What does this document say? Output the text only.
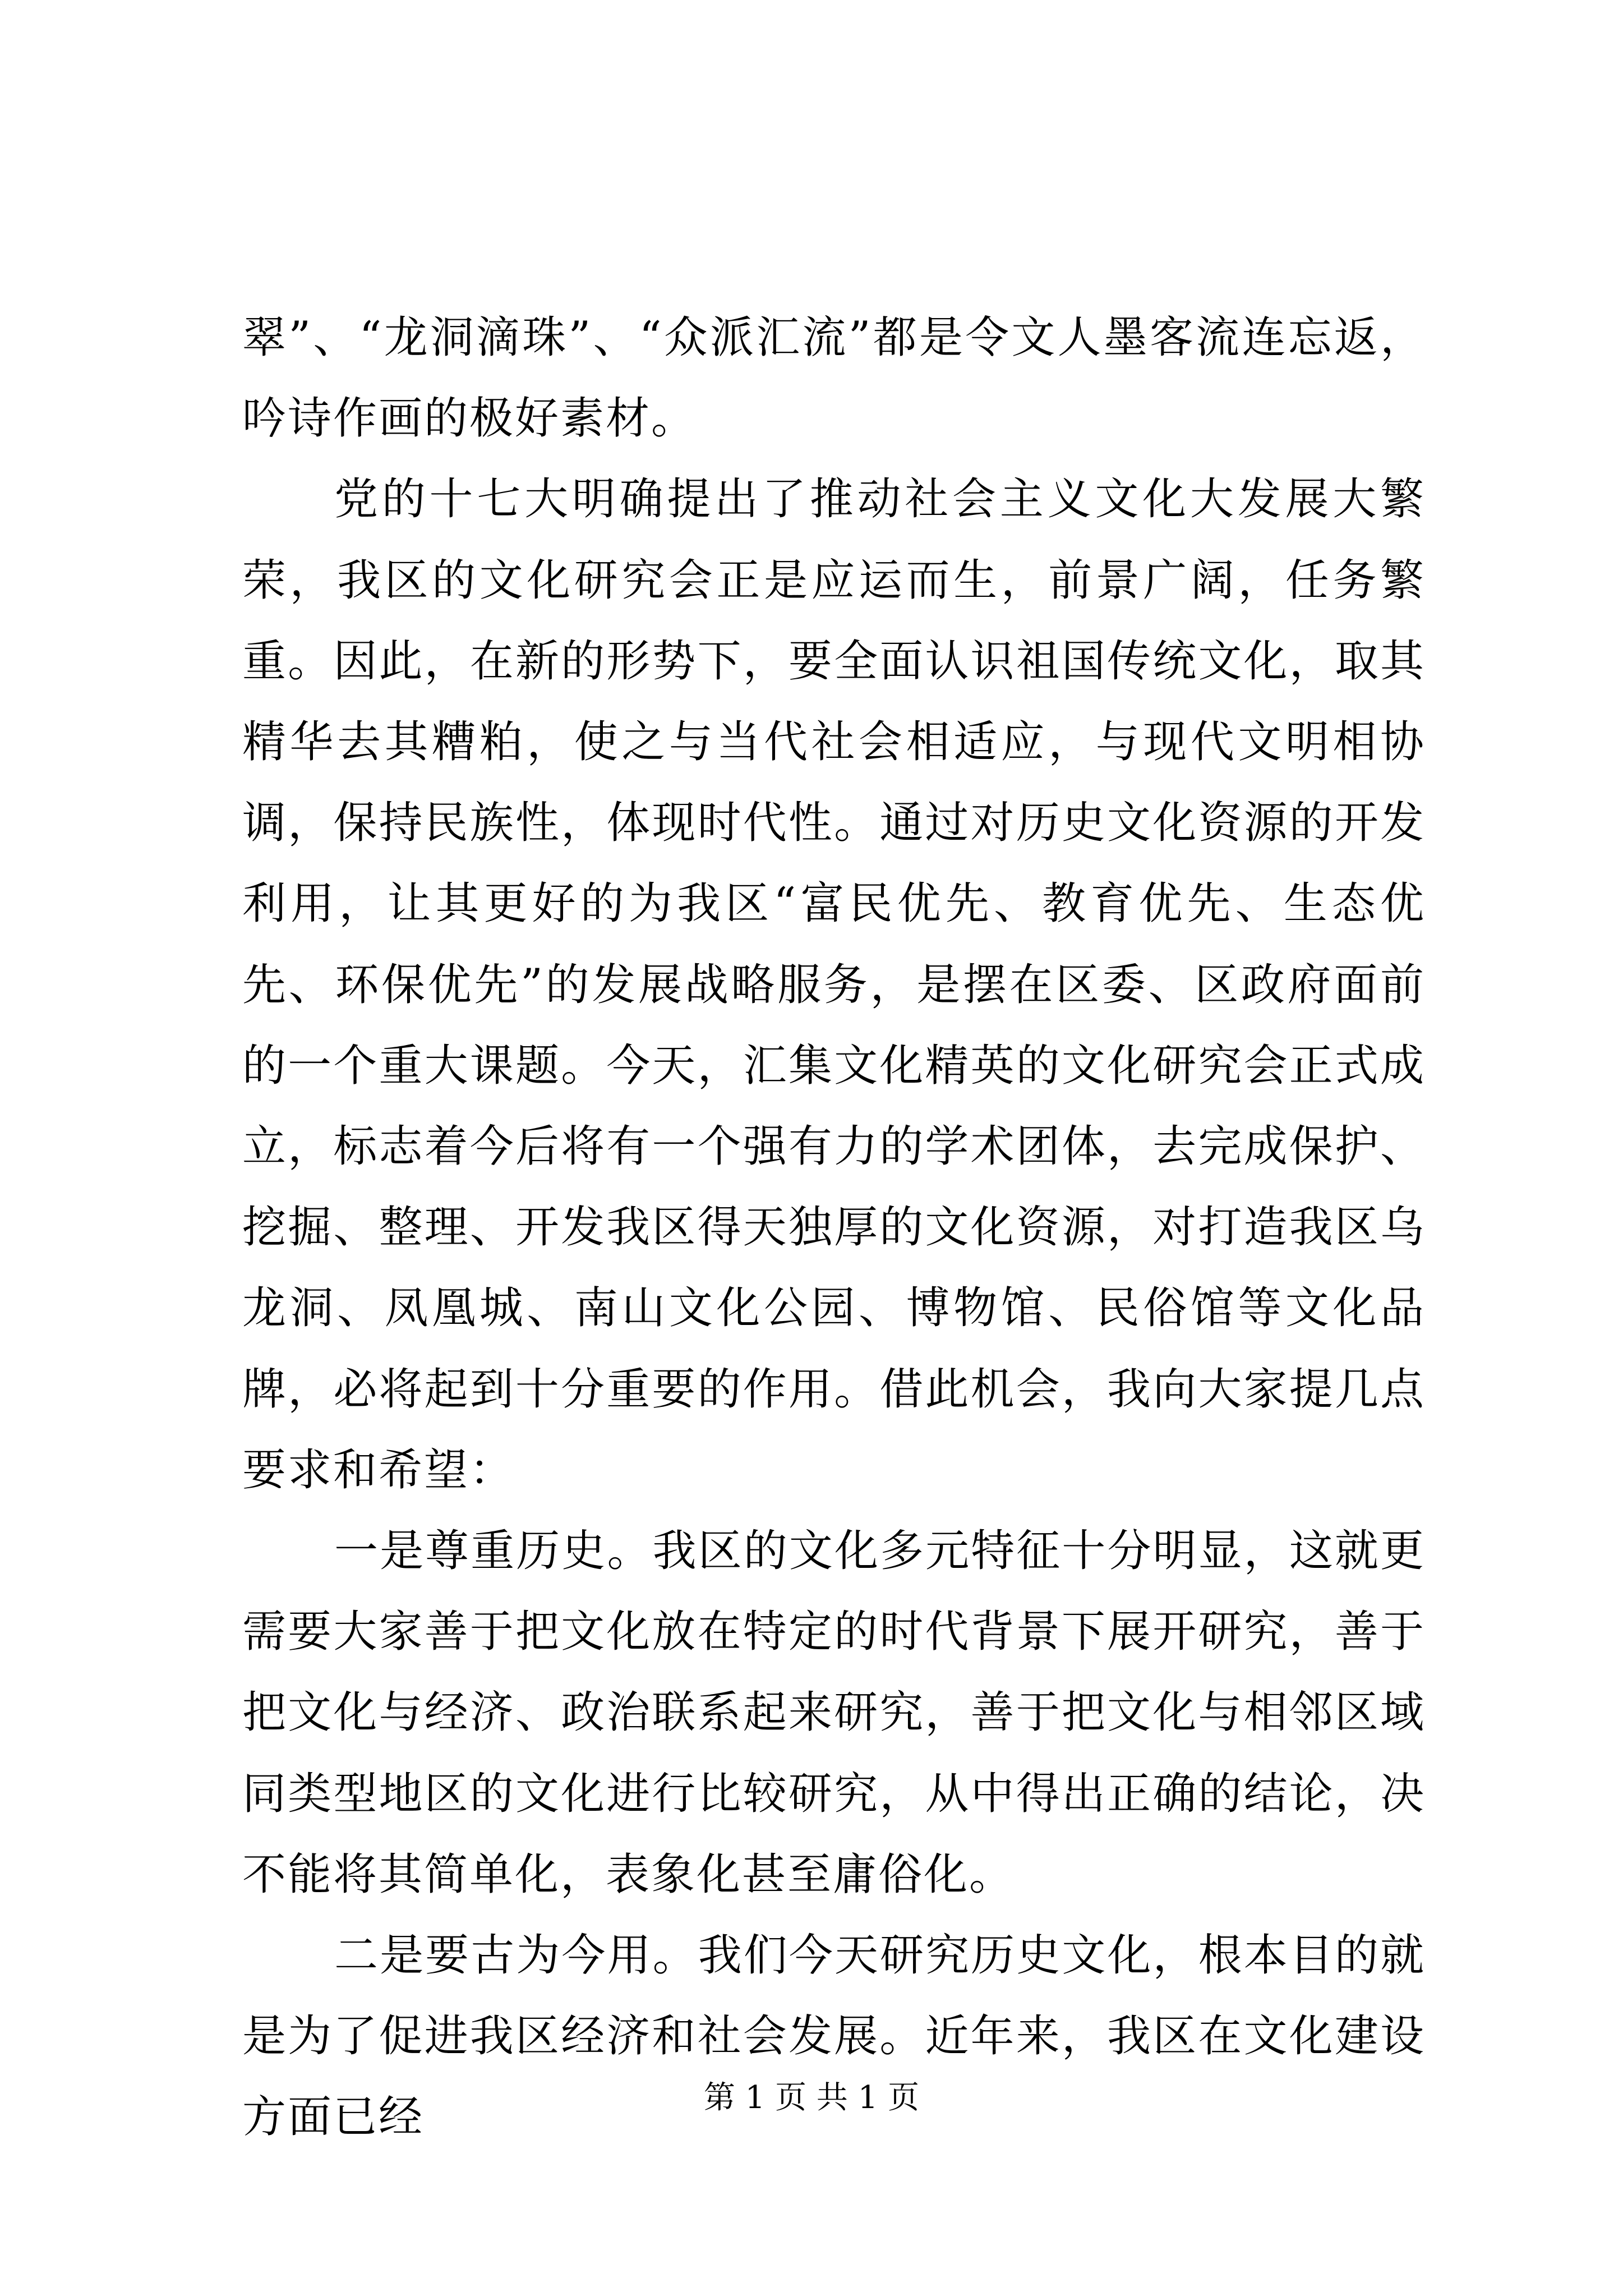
翠”、“龙洞滴珠”、“众派汇流”都是令文人墨客流连忘返，吟诗作画的极好素材。

党的十七大明确提出了推动社会主义文化大发展大繁荣，我区的文化研究会正是应运而生，前景广阔，任务繁重。因此，在新的形势下，要全面认识祖国传统文化，取其精华去其糟粕，使之与当代社会相适应，与现代文明相协调，保持民族性，体现时代性。通过对历史文化资源的开发利用，让其更好的为我区“富民优先、教育优先、生态优先、环保优先”的发展战略服务，是摆在区委、区政府面前的一个重大课题。今天，汇集文化精英的文化研究会正式成立，标志着今后将有一个强有力的学术团体，去完成保护、挖掘、整理、开发我区得天独厚的文化资源，对打造我区乌龙洞、凤凰城、南山文化公园、博物馆、民俗馆等文化品牌，必将起到十分重要的作用。借此机会，我向大家提几点要求和希望：

一是尊重历史。我区的文化多元特征十分明显，这就更需要大家善于把文化放在特定的时代背景下展开研究，善于把文化与经济、政治联系起来研究，善于把文化与相邻区域同类型地区的文化进行比较研究，从中得出正确的结论，决不能将其简单化，表象化甚至庸俗化。

二是要古为今用。我们今天研究历史文化，根本目的就是为了促进我区经济和社会发展。近年来，我区在文化建设方面已经	第 1 页 共 1 页
